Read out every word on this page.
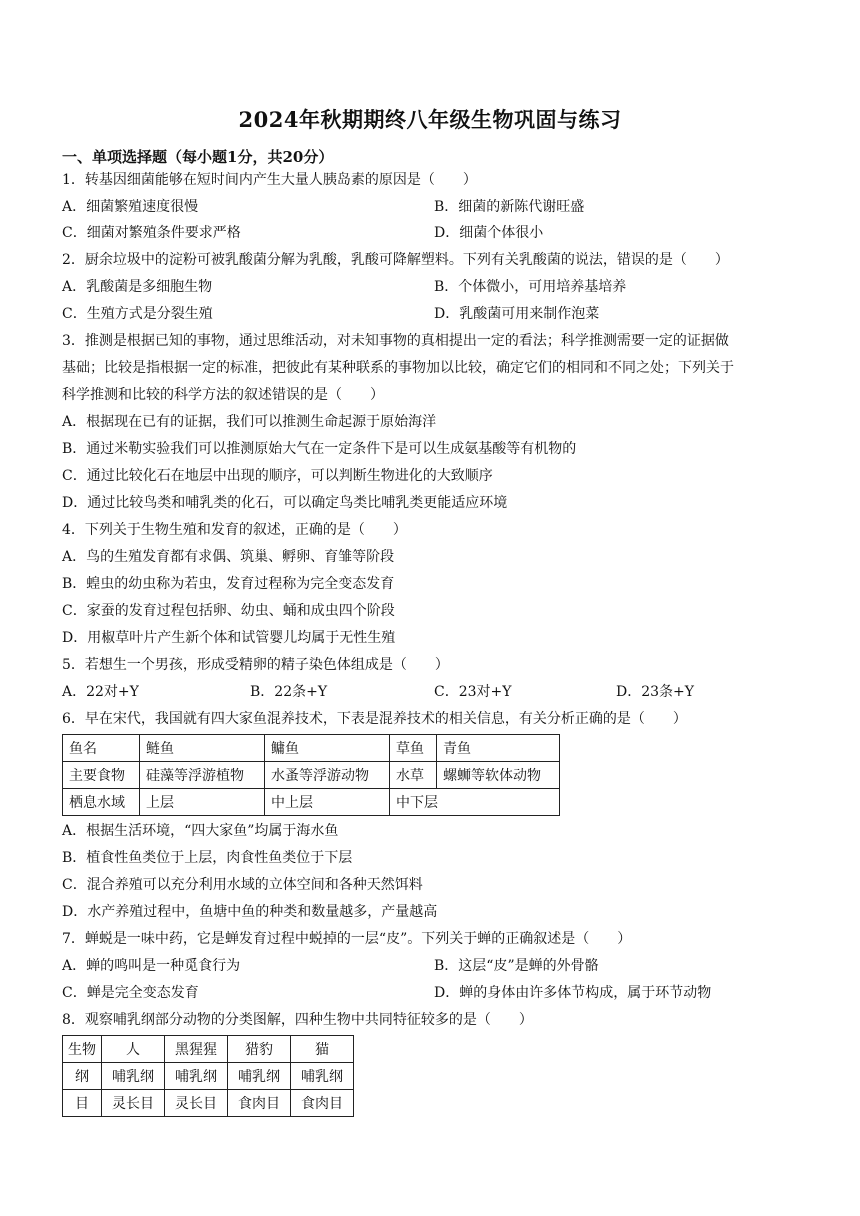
2024年秋期期终八年级生物巩固与练习
一、单项选择题（每小题1分，共20分）
1．转基因细菌能够在短时间内产生大量人胰岛素的原因是（　　）
A．细菌繁殖速度很慢	B．细菌的新陈代谢旺盛
C．细菌对繁殖条件要求严格	D．细菌个体很小
2．厨余垃圾中的淀粉可被乳酸菌分解为乳酸，乳酸可降解塑料。下列有关乳酸菌的说法，错误的是（　　）
A．乳酸菌是多细胞生物	B．个体微小，可用培养基培养
C．生殖方式是分裂生殖	D．乳酸菌可用来制作泡菜
3．推测是根据已知的事物，通过思维活动，对未知事物的真相提出一定的看法；科学推测需要一定的证据做
基础；比较是指根据一定的标准，把彼此有某种联系的事物加以比较，确定它们的相同和不同之处；下列关于
科学推测和比较的科学方法的叙述错误的是（　　）
A．根据现在已有的证据，我们可以推测生命起源于原始海洋
B．通过米勒实验我们可以推测原始大气在一定条件下是可以生成氨基酸等有机物的
C．通过比较化石在地层中出现的顺序，可以判断生物进化的大致顺序
D．通过比较鸟类和哺乳类的化石，可以确定鸟类比哺乳类更能适应环境
4．下列关于生物生殖和发育的叙述，正确的是（　　）
A．鸟的生殖发育都有求偶、筑巢、孵卵、育雏等阶段
B．蝗虫的幼虫称为若虫，发育过程称为完全变态发育
C．家蚕的发育过程包括卵、幼虫、蛹和成虫四个阶段
D．用椒草叶片产生新个体和试管婴儿均属于无性生殖
5．若想生一个男孩，形成受精卵的精子染色体组成是（　　）
A．22对+Y	B．22条+Y	C．23对+Y	D．23条+Y
6．早在宋代，我国就有四大家鱼混养技术，下表是混养技术的相关信息，有关分析正确的是（　　）
鱼名	鲢鱼	鳙鱼	草鱼	青鱼
主要食物	硅藻等浮游植物	水蚤等浮游动物	水草	螺蛳等软体动物
栖息水域	上层	中上层	中下层	
A．根据生活环境，“四大家鱼”均属于海水鱼
B．植食性鱼类位于上层，肉食性鱼类位于下层
C．混合养殖可以充分利用水域的立体空间和各种天然饵料
D．水产养殖过程中，鱼塘中鱼的种类和数量越多，产量越高
7．蝉蜕是一味中药，它是蝉发育过程中蜕掉的一层“皮”。下列关于蝉的正确叙述是（　　）
A．蝉的鸣叫是一种觅食行为	B．这层“皮”是蝉的外骨骼
C．蝉是完全变态发育	D．蝉的身体由许多体节构成，属于环节动物
8．观察哺乳纲部分动物的分类图解，四种生物中共同特征较多的是（　　）
生物	人	黑猩猩	猎豹	猫
纲	哺乳纲	哺乳纲	哺乳纲	哺乳纲
目	灵长目	灵长目	食肉目	食肉目
